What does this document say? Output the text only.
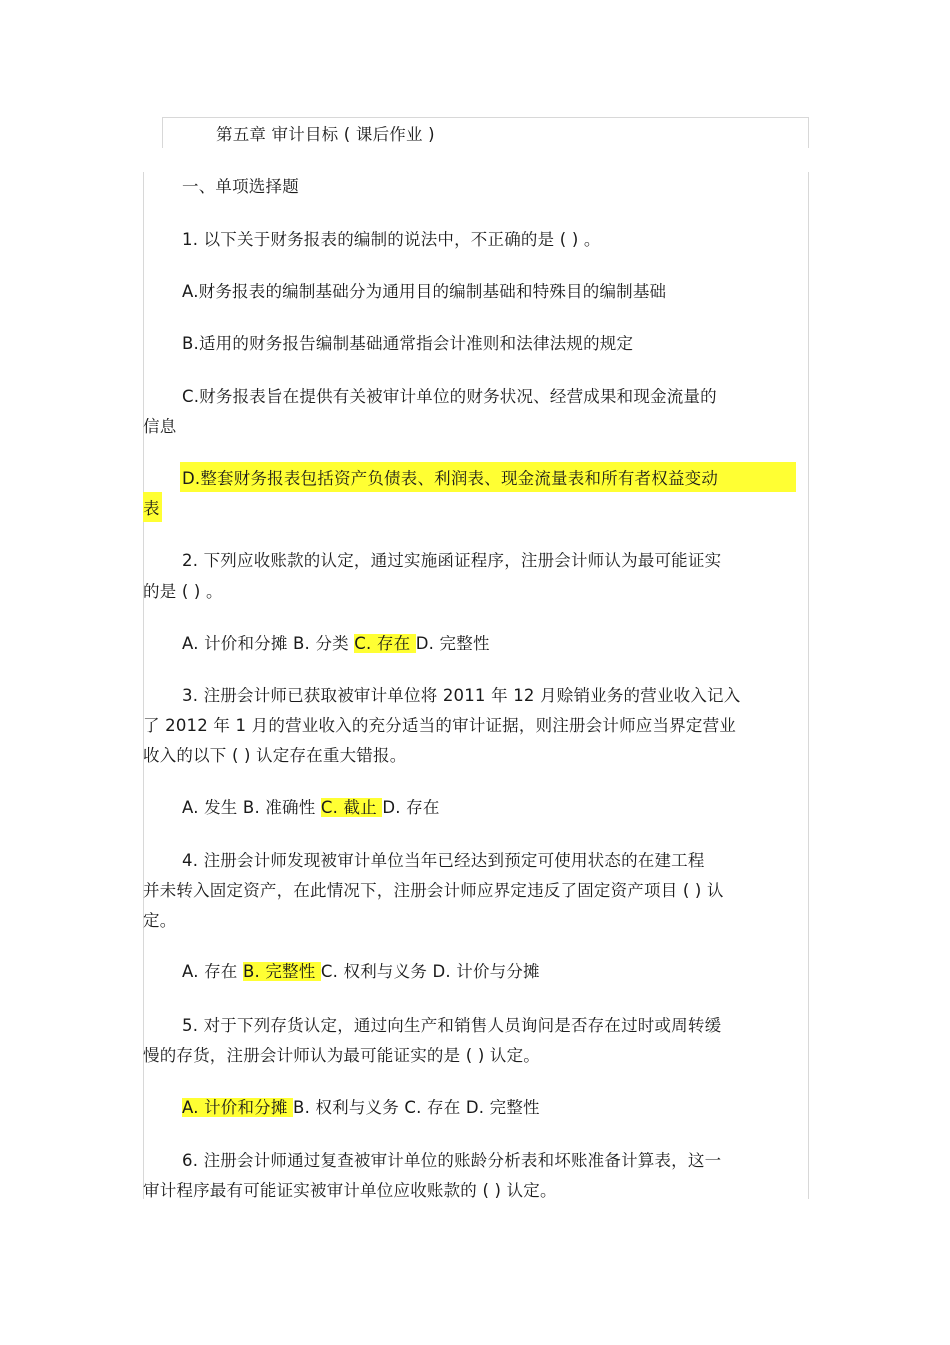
第五章 审计目标 ( 课后作业 )
一、单项选择题
1. 以下关于财务报表的编制的说法中，不正确的是 ( ) 。
A.财务报表的编制基础分为通用目的编制基础和特殊目的编制基础
B.适用的财务报告编制基础通常指会计准则和法律法规的规定
C.财务报表旨在提供有关被审计单位的财务状况、经营成果和现金流量的
信息
D.整套财务报表包括资产负债表、利润表、现金流量表和所有者权益变动
表
2. 下列应收账款的认定，通过实施函证程序，注册会计师认为最可能证实
的是 ( ) 。
A. 计价和分摊 B. 分类 C. 存在 D. 完整性
3. 注册会计师已获取被审计单位将 2011 年 12 月赊销业务的营业收入记入
了 2012 年 1 月的营业收入的充分适当的审计证据，则注册会计师应当界定营业
收入的以下 ( ) 认定存在重大错报。
A. 发生 B. 准确性 C. 截止 D. 存在
4. 注册会计师发现被审计单位当年已经达到预定可使用状态的在建工程
并未转入固定资产，在此情况下，注册会计师应界定违反了固定资产项目 ( ) 认
定。
A. 存在 B. 完整性 C. 权利与义务 D. 计价与分摊
5. 对于下列存货认定，通过向生产和销售人员询问是否存在过时或周转缓
慢的存货，注册会计师认为最可能证实的是 ( ) 认定。
A. 计价和分摊 B. 权利与义务 C. 存在 D. 完整性
6. 注册会计师通过复查被审计单位的账龄分析表和坏账准备计算表，这一
审计程序最有可能证实被审计单位应收账款的 ( ) 认定。
